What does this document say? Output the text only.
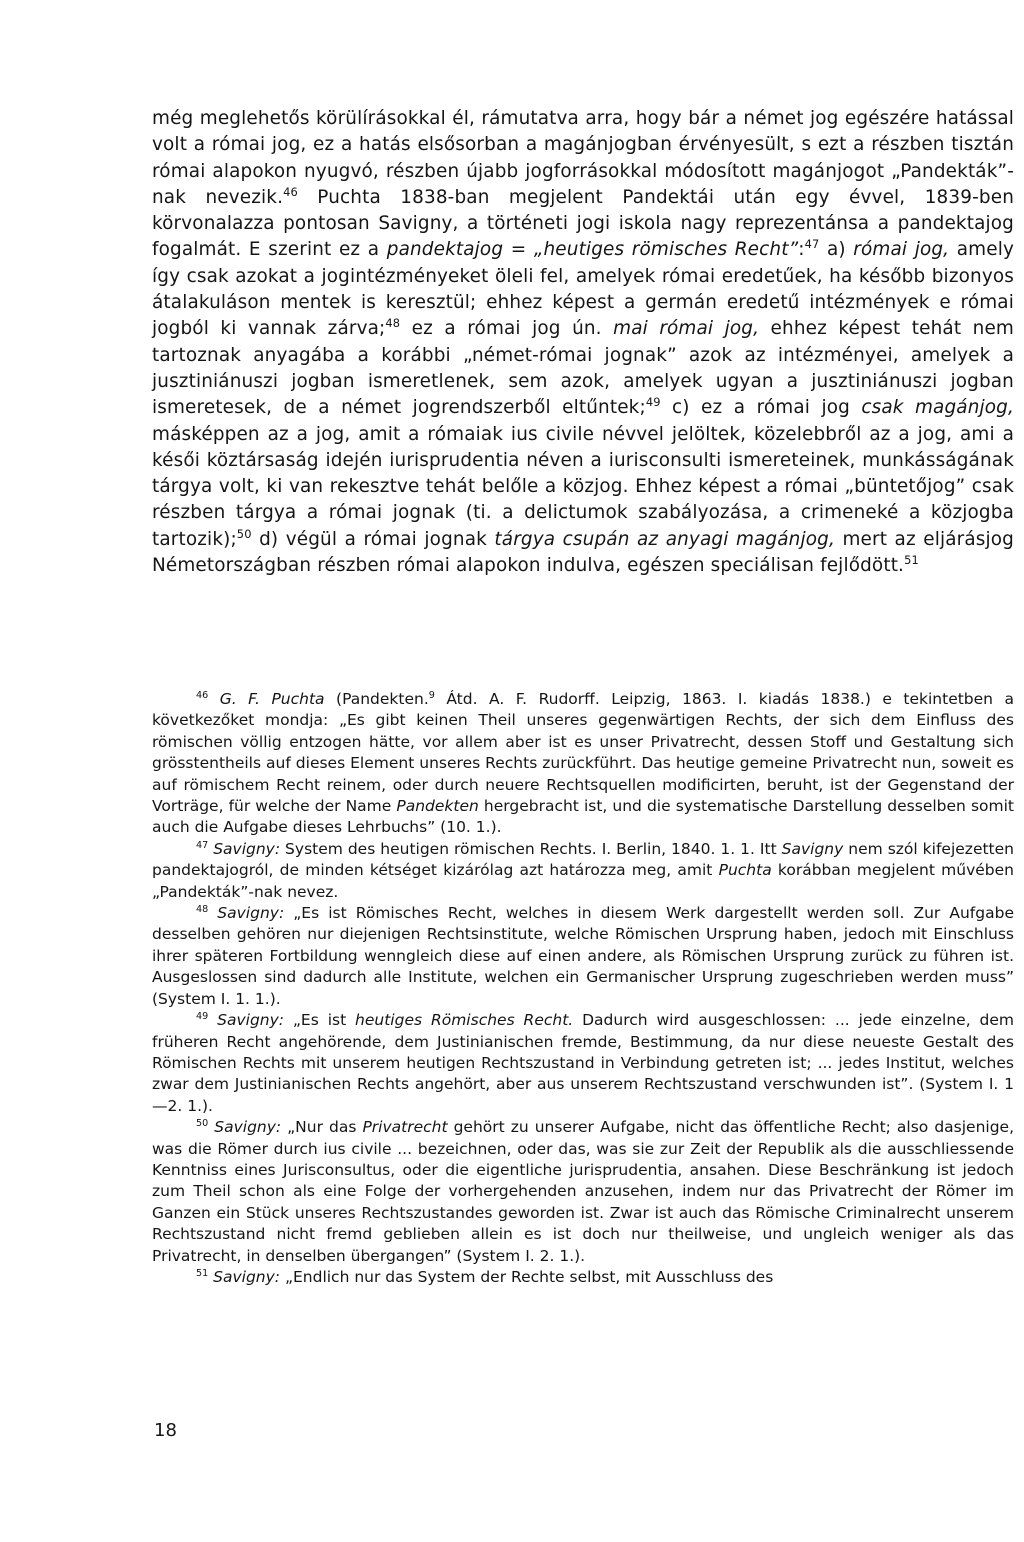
még meglehetős körülírásokkal él, rámutatva arra, hogy bár a német jog egészére hatással volt a római jog, ez a hatás elsősorban a magánjogban érvényesült, s ezt a részben tisztán római alapokon nyugvó, részben újabb jogforrásokkal módosított magánjogot „Pandekták”-nak nevezik.$^{46}$ Puchta 1838-ban megjelent Pandektái után egy évvel, 1839-ben körvonalazza pontosan Savigny, a történeti jogi iskola nagy reprezentánsa a pandektajog fogalmát. E szerint ez a pandektajog = „heutiges römisches Recht”:$^{47}$ a) római jog, amely így csak azokat a jogintézményeket öleli fel, amelyek római eredetűek, ha később bizonyos átalakuláson mentek is keresztül; ehhez képest a germán eredetű intézmények e római jogból ki vannak zárva;$^{48}$ ez a római jog ún. mai római jog, ehhez képest tehát nem tartoznak anyagába a korábbi „német-római jognak” azok az intézményei, amelyek a jusztiniánuszi jogban ismeretlenek, sem azok, amelyek ugyan a jusztiniánuszi jogban ismeretesek, de a német jogrendszerből eltűntek;$^{49}$ c) ez a római jog csak magánjog, másképpen az a jog, amit a rómaiak ius civile névvel jelöltek, közelebbről az a jog, ami a késői köztársaság idején iurisprudentia néven a iurisconsulti ismereteinek, munkásságának tárgya volt, ki van rekesztve tehát belőle a közjog. Ehhez képest a római „büntetőjog” csak részben tárgya a római jognak (ti. a delictumok szabályozása, a crimeneké a közjogba tartozik);$^{50}$ d) végül a római jognak tárgya csupán az anyagi magánjog, mert az eljárásjog Németországban részben római alapokon indulva, egészen speciálisan fejlődött.$^{51}$

$^{46}$ G. F. Puchta (Pandekten.$^9$ Átd. A. F. Rudorff. Leipzig, 1863. I. kiadás 1838.) e tekintetben a következőket mondja: „Es gibt keinen Theil unseres gegenwärtigen Rechts, der sich dem Einfluss des römischen völlig entzogen hätte, vor allem aber ist es unser Privatrecht, dessen Stoff und Gestaltung sich grösstentheils auf dieses Element unseres Rechts zurückführt. Das heutige gemeine Privatrecht nun, soweit es auf römischem Recht reinem, oder durch neuere Rechtsquellen modificirten, beruht, ist der Gegenstand der Vorträge, für welche der Name Pandekten hergebracht ist, und die systematische Darstellung desselben somit auch die Aufgabe dieses Lehrbuchs” (10. 1.).

$^{47}$ Savigny: System des heutigen römischen Rechts. I. Berlin, 1840. 1. 1. Itt Savigny nem szól kifejezetten pandektajogról, de minden kétséget kizárólag azt határozza meg, amit Puchta korábban megjelent művében „Pandekták”-nak nevez.

$^{48}$ Savigny: „Es ist Römisches Recht, welches in diesem Werk dargestellt werden soll. Zur Aufgabe desselben gehören nur diejenigen Rechtsinstitute, welche Römischen Ursprung haben, jedoch mit Einschluss ihrer späteren Fortbildung wenngleich diese auf einen andere, als Römischen Ursprung zurück zu führen ist. Ausgeslossen sind dadurch alle Institute, welchen ein Germanischer Ursprung zugeschrieben werden muss” (System I. 1. 1.).

$^{49}$ Savigny: „Es ist heutiges Römisches Recht. Dadurch wird ausgeschlossen: ... jede einzelne, dem früheren Recht angehörende, dem Justinianischen fremde, Bestimmung, da nur diese neueste Gestalt des Römischen Rechts mit unserem heutigen Rechtszustand in Verbindung getreten ist; ... jedes Institut, welches zwar dem Justinianischen Rechts angehört, aber aus unserem Rechtszustand verschwunden ist”. (System I. 1—2. 1.).

$^{50}$ Savigny: „Nur das Privatrecht gehört zu unserer Aufgabe, nicht das öffentliche Recht; also dasjenige, was die Römer durch ius civile ... bezeichnen, oder das, was sie zur Zeit der Republik als die ausschliessende Kenntniss eines Jurisconsultus, oder die eigentliche jurisprudentia, ansahen. Diese Beschränkung ist jedoch zum Theil schon als eine Folge der vorhergehenden anzusehen, indem nur das Privatrecht der Römer im Ganzen ein Stück unseres Rechtszustandes geworden ist. Zwar ist auch das Römische Criminalrecht unserem Rechtszustand nicht fremd geblieben allein es ist doch nur theilweise, und ungleich weniger als das Privatrecht, in denselben übergangen” (System I. 2. 1.).

$^{51}$ Savigny: „Endlich nur das System der Rechte selbst, mit Ausschluss des

18
